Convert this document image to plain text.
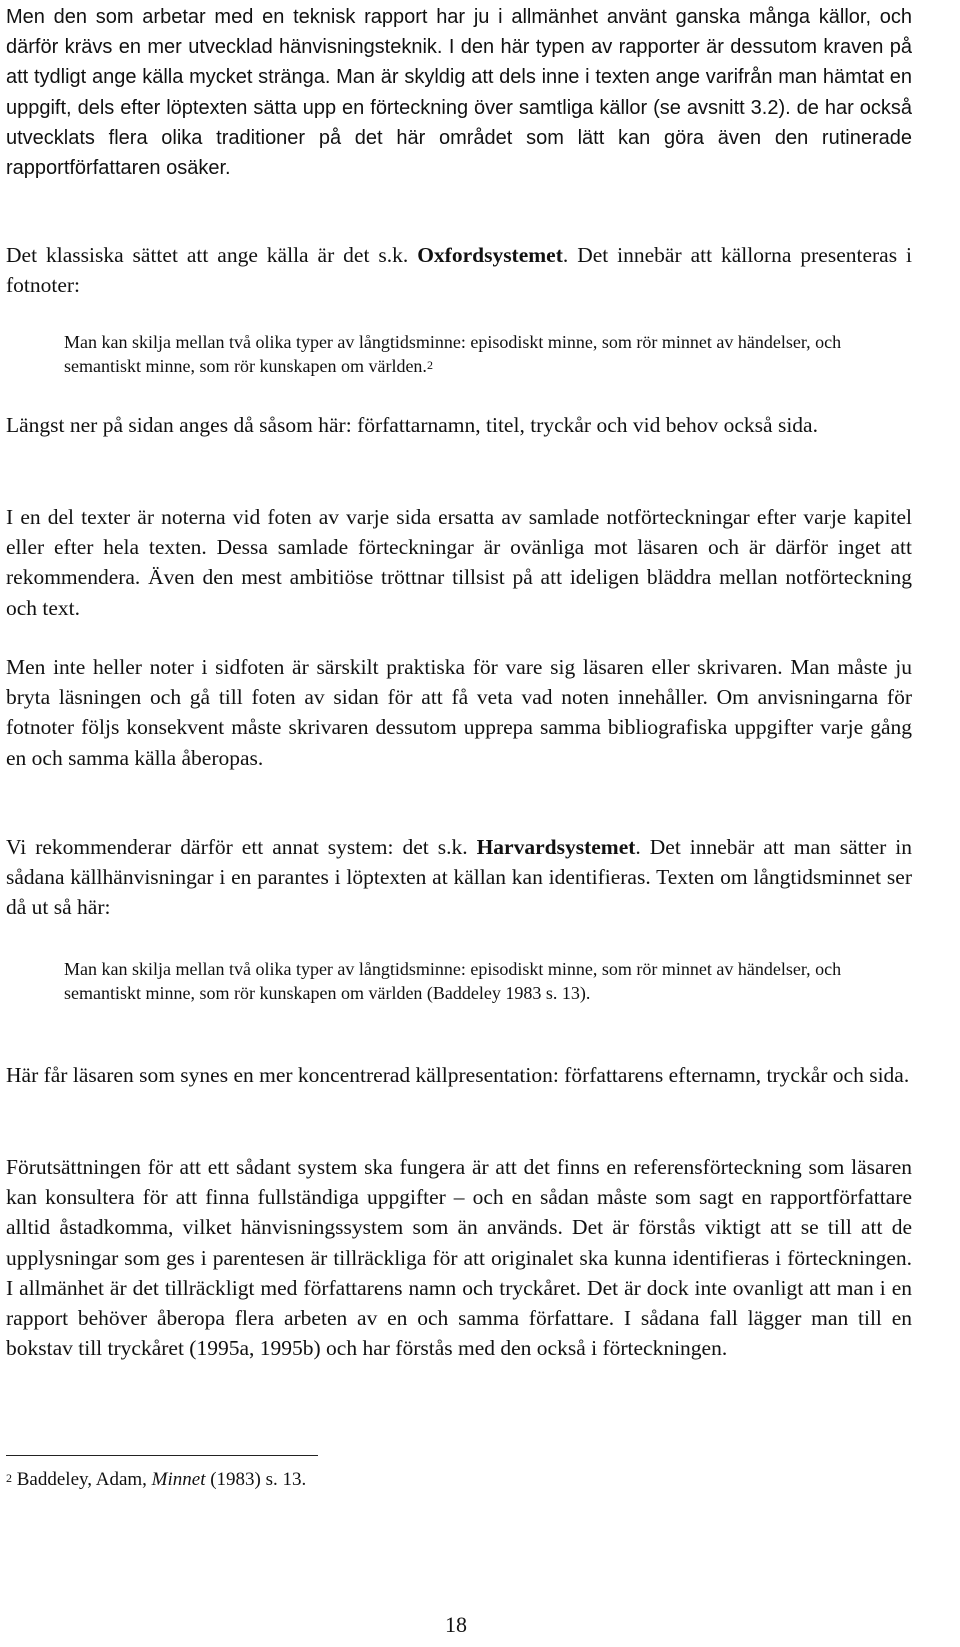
Men den som arbetar med en teknisk rapport har ju i allmänhet använt ganska många källor, och därför krävs en mer utvecklad hänvisningsteknik. I den här typen av rapporter är dessutom kraven på att tydligt ange källa mycket stränga. Man är skyldig att dels inne i texten ange varifrån man hämtat en uppgift, dels efter löptexten sätta upp en förteckning över samtliga källor (se avsnitt 3.2). de har också utvecklats flera olika traditioner på det här området som lätt kan göra även den rutinerade rapportförfattaren osäker.

Det klassiska sättet att ange källa är det s.k. Oxfordsystemet. Det innebär att källorna presenteras i fotnoter:

Man kan skilja mellan två olika typer av långtidsminne: episodiskt minne, som rör minnet av händelser, och semantiskt minne, som rör kunskapen om världen.$^2$

Längst ner på sidan anges då såsom här: författarnamn, titel, tryckår och vid behov också sida.

I en del texter är noterna vid foten av varje sida ersatta av samlade notförteckningar efter varje kapitel eller efter hela texten. Dessa samlade förteckningar är ovänliga mot läsaren och är därför inget att rekommendera. Även den mest ambitiöse tröttnar tillsist på att ideligen bläddra mellan notförteckning och text.

Men inte heller noter i sidfoten är särskilt praktiska för vare sig läsaren eller skrivaren. Man måste ju bryta läsningen och gå till foten av sidan för att få veta vad noten innehåller. Om anvisningarna för fotnoter följs konsekvent måste skrivaren dessutom upprepa samma bibliografiska uppgifter varje gång en och samma källa åberopas.

Vi rekommenderar därför ett annat system: det s.k. Harvardsystemet. Det innebär att man sätter in sådana källhänvisningar i en parantes i löptexten at källan kan identifieras. Texten om långtidsminnet ser då ut så här:

Man kan skilja mellan två olika typer av långtidsminne: episodiskt minne, som rör minnet av händelser, och semantiskt minne, som rör kunskapen om världen (Baddeley 1983 s. 13).

Här får läsaren som synes en mer koncentrerad källpresentation: författarens efternamn, tryckår och sida.

Förutsättningen för att ett sådant system ska fungera är att det finns en referensförteckning som läsaren kan konsultera för att finna fullständiga uppgifter – och en sådan måste som sagt en rapportförfattare alltid åstadkomma, vilket hänvisningssystem som än används. Det är förstås viktigt att se till att de upplysningar som ges i parentesen är tillräckliga för att originalet ska kunna identifieras i förteckningen. I allmänhet är det tillräckligt med författarens namn och tryckåret. Det är dock inte ovanligt att man i en rapport behöver åberopa flera arbeten av en och samma författare. I sådana fall lägger man till en bokstav till tryckåret (1995a, 1995b) och har förstås med den också i förteckningen.

$^2$ Baddeley, Adam, Minnet (1983) s. 13.
18
